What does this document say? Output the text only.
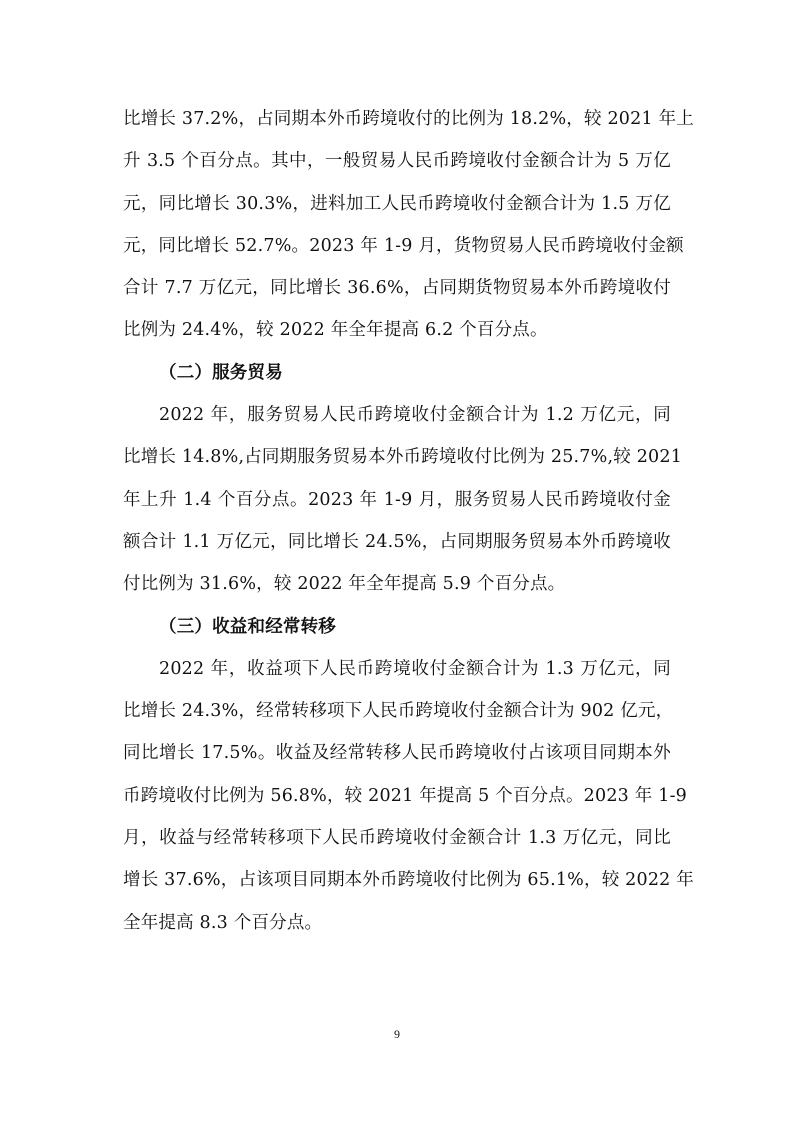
比增长 37.2%，占同期本外币跨境收付的比例为 18.2%，较 2021 年上
升 3.5 个百分点。其中，一般贸易人民币跨境收付金额合计为 5 万亿
元，同比增长 30.3%，进料加工人民币跨境收付金额合计为 1.5 万亿
元，同比增长 52.7%。2023 年 1-9 月，货物贸易人民币跨境收付金额
合计 7.7 万亿元，同比增长 36.6%，占同期货物贸易本外币跨境收付
比例为 24.4%，较 2022 年全年提高 6.2 个百分点。
（二）服务贸易
2022 年，服务贸易人民币跨境收付金额合计为 1.2 万亿元，同
比增长 14.8%,占同期服务贸易本外币跨境收付比例为 25.7%,较 2021
年上升 1.4 个百分点。2023 年 1-9 月，服务贸易人民币跨境收付金
额合计 1.1 万亿元，同比增长 24.5%，占同期服务贸易本外币跨境收
付比例为 31.6%，较 2022 年全年提高 5.9 个百分点。
（三）收益和经常转移
2022 年，收益项下人民币跨境收付金额合计为 1.3 万亿元，同
比增长 24.3%，经常转移项下人民币跨境收付金额合计为 902 亿元，
同比增长 17.5%。收益及经常转移人民币跨境收付占该项目同期本外
币跨境收付比例为 56.8%，较 2021 年提高 5 个百分点。2023 年 1-9
月，收益与经常转移项下人民币跨境收付金额合计 1.3 万亿元，同比
增长 37.6%，占该项目同期本外币跨境收付比例为 65.1%，较 2022 年
全年提高 8.3 个百分点。
9
